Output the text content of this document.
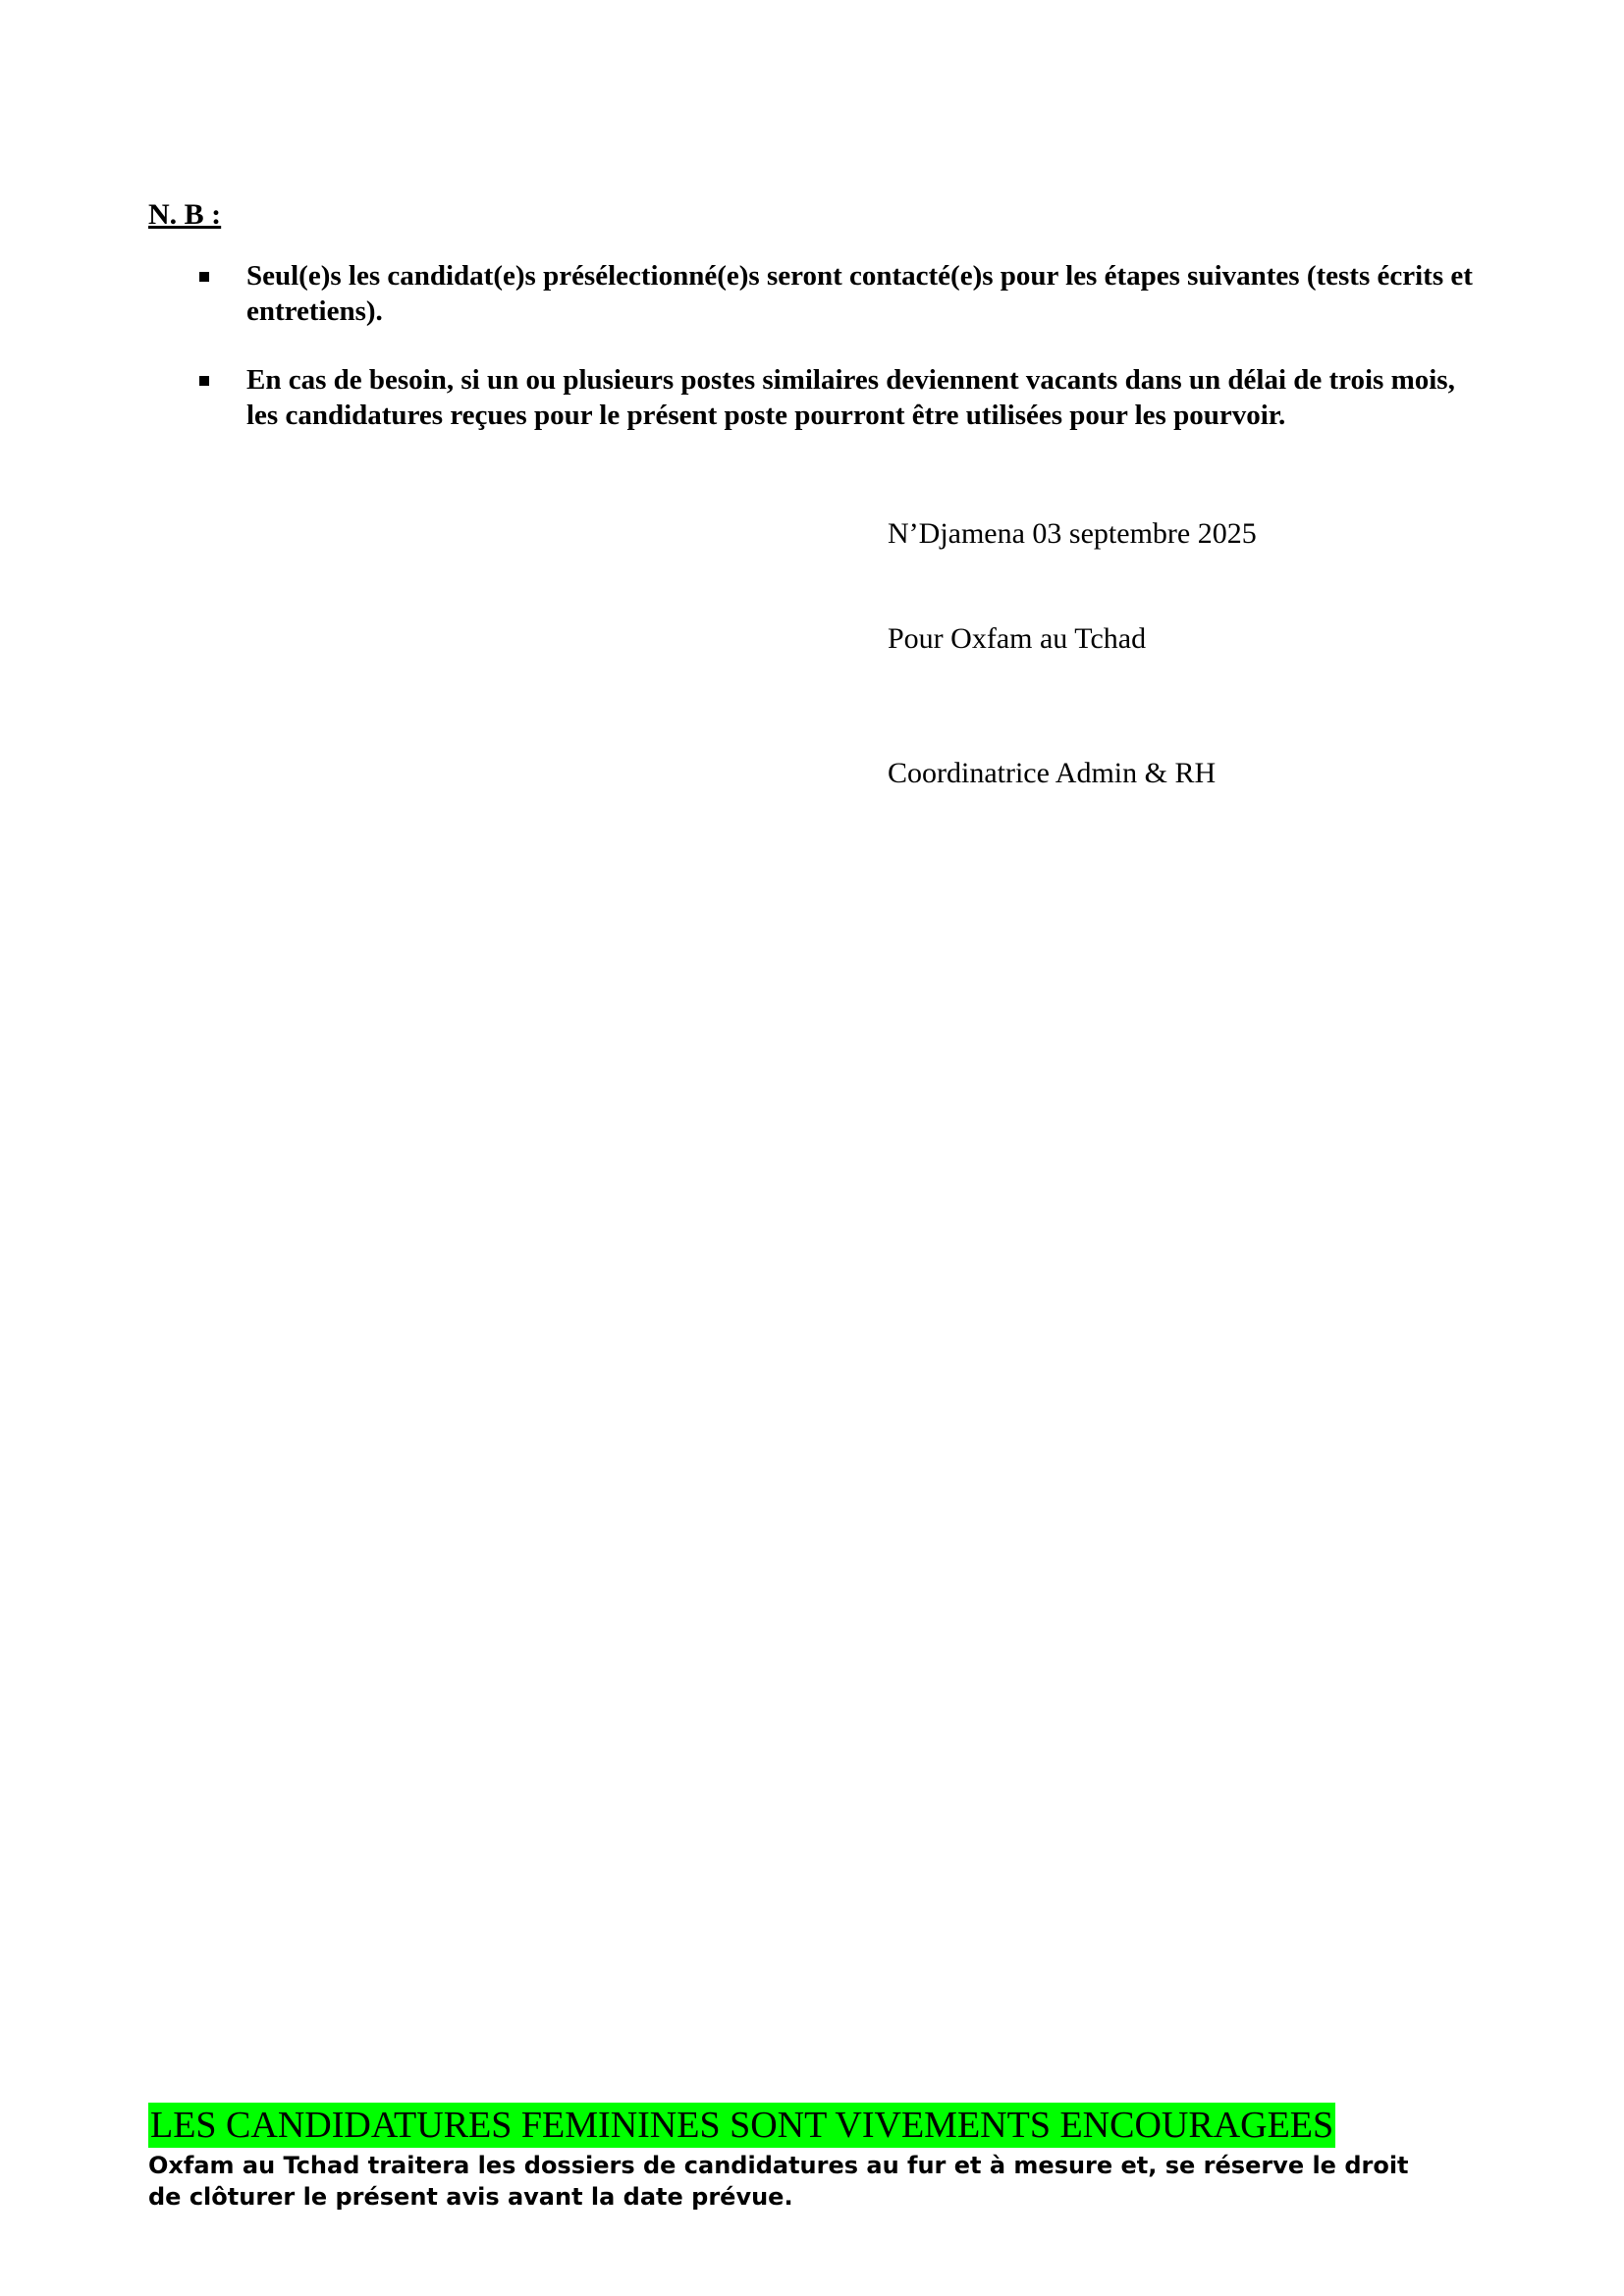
N. B :

Seul(e)s les candidat(e)s présélectionné(e)s seront contacté(e)s pour les étapes suivantes (tests écrits et entretiens).

En cas de besoin, si un ou plusieurs postes similaires deviennent vacants dans un délai de trois mois, les candidatures reçues pour le présent poste pourront être utilisées pour les pourvoir.

N’Djamena 03 septembre 2025

Pour Oxfam au Tchad

Coordinatrice Admin & RH

LES CANDIDATURES FEMININES SONT VIVEMENTS ENCOURAGEES

Oxfam au Tchad traitera les dossiers de candidatures au fur et à mesure et, se réserve le droit de clôturer le présent avis avant la date prévue.
